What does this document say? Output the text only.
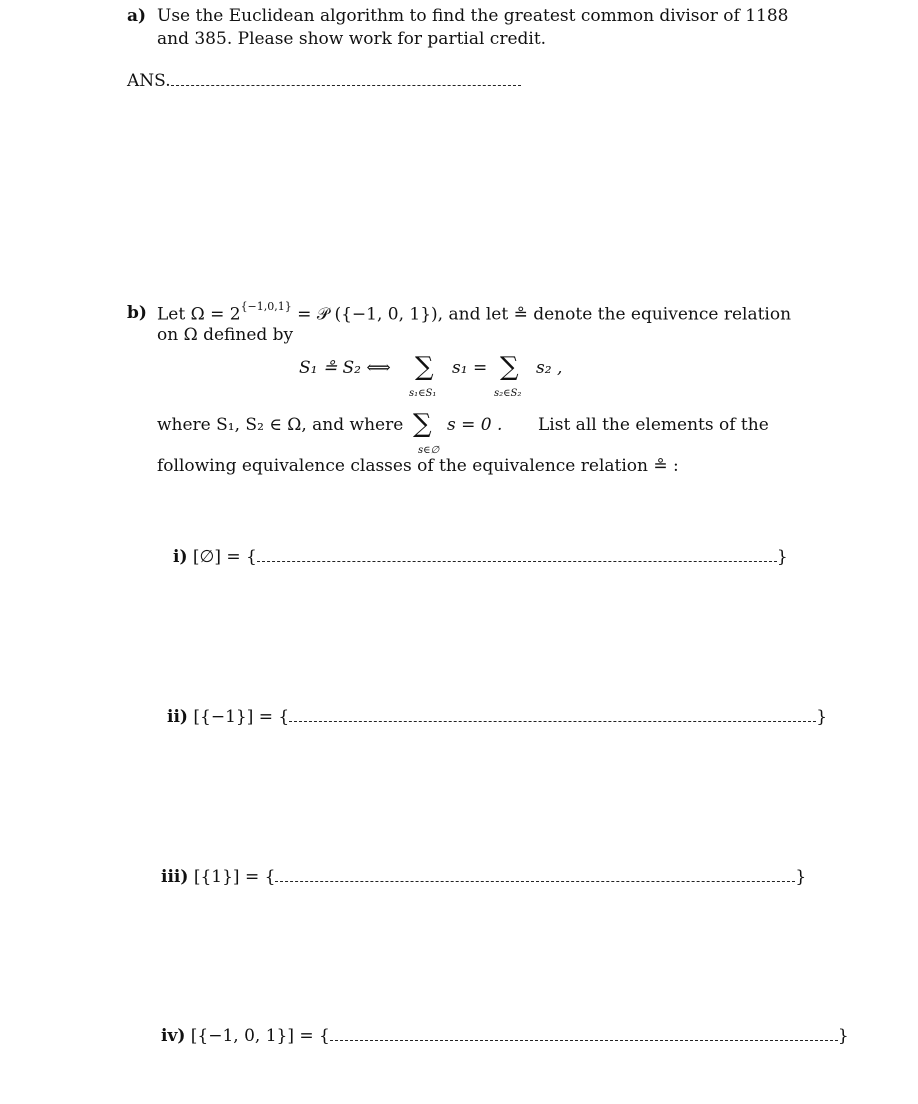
a) Use the Euclidean algorithm to find the greatest common divisor of 1188
and 385. Please show work for partial credit.
ANS.
b) Let $\Omega = 2^{\{-1,0,1\}}$ = 𝒫 ({−1, 0, 1}), and let ≗ denote the equivence relation
on Ω defined by
S₁ ≗ S₂ ⟺ ∑ s₁ =
s₁∈S₁
∑ s₂ ,
s₂∈S₂
where S₁, S₂ ∈ Ω, and where ∑ s = 0 .
s∈∅
List all the elements of the
following equivalence classes of the equivalence relation ≗ :
i) [∅] = {	}
ii) [{−1}] = {	}
iii) [{1}] = {	}
iv) [{−1, 0, 1}] = {	}
